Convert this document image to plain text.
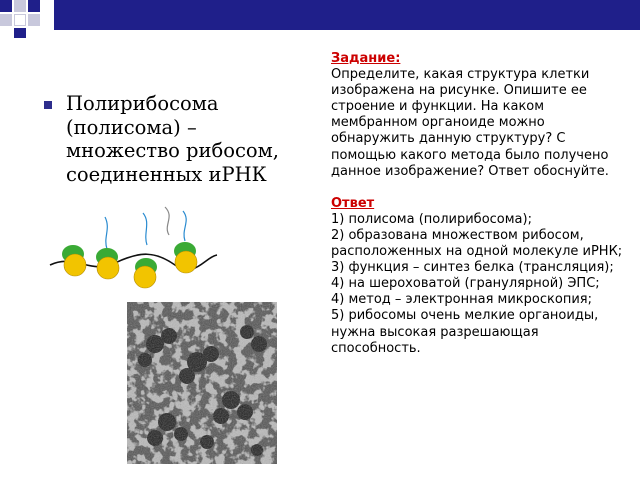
Полирибосома (полисома) – множество рибосом, соединенных иРНК
Задание:
Определите, какая структура клетки изображена на рисунке. Опишите ее строение и функции. На каком мембранном органоиде можно обнаружить данную структуру? С помощью какого метода было получено данное изображение? Ответ обоснуйте.
Ответ
1) полисома (полирибосома);
2) образована множеством рибосом, расположенных на одной молекуле иРНК;
3) функция – синтез белка (трансляция);
4) на шероховатой (гранулярной) ЭПС;
4) метод – электронная микроскопия;
5) рибосомы очень мелкие органоиды, нужна высокая разрешающая способность.
